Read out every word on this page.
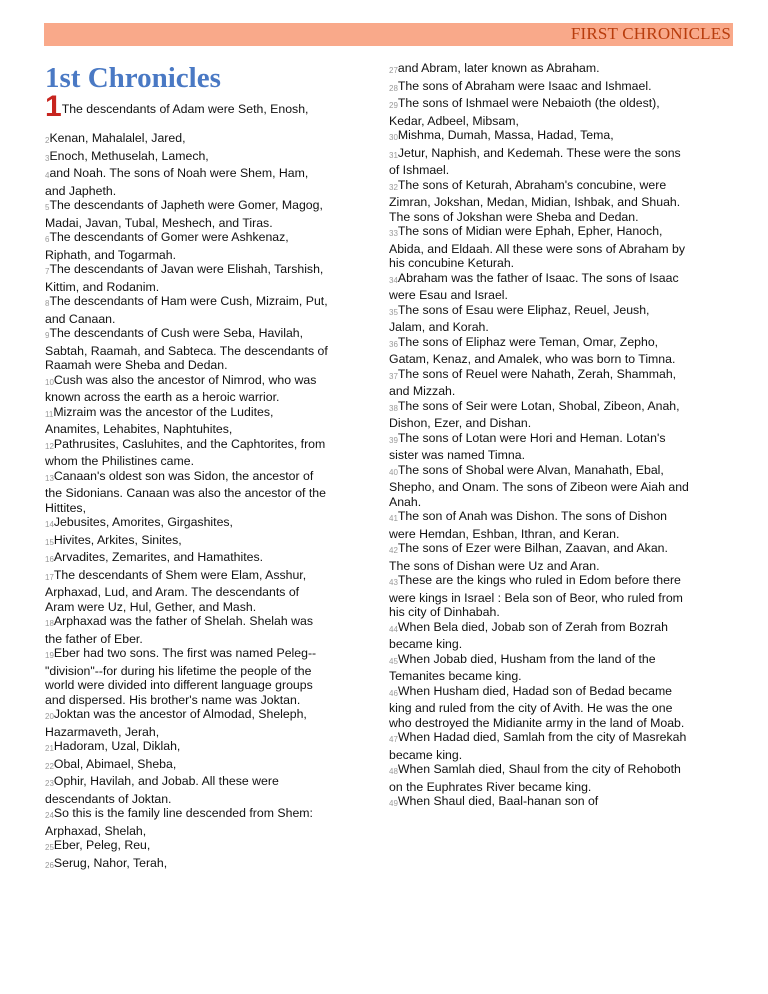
FIRST CHRONICLES
1st Chronicles
1The descendants of Adam were Seth, Enosh,

2Kenan, Mahalalel, Jared,

3Enoch, Methuselah, Lamech,

4and Noah. The sons of Noah were Shem, Ham, and Japheth.

5The descendants of Japheth were Gomer, Magog, Madai, Javan, Tubal, Meshech, and Tiras.

6The descendants of Gomer were Ashkenaz, Riphath, and Togarmah.

7The descendants of Javan were Elishah, Tarshish, Kittim, and Rodanim.

8The descendants of Ham were Cush, Mizraim, Put, and Canaan.

9The descendants of Cush were Seba, Havilah, Sabtah, Raamah, and Sabteca. The descendants of Raamah were Sheba and Dedan.

10Cush was also the ancestor of Nimrod, who was known across the earth as a heroic warrior.

11Mizraim was the ancestor of the Ludites, Anamites, Lehabites, Naphtuhites,

12Pathrusites, Casluhites, and the Caphtorites, from whom the Philistines came.

13Canaan's oldest son was Sidon, the ancestor of the Sidonians. Canaan was also the ancestor of the Hittites,

14Jebusites, Amorites, Girgashites,

15Hivites, Arkites, Sinites,

16Arvadites, Zemarites, and Hamathites.

17The descendants of Shem were Elam, Asshur, Arphaxad, Lud, and Aram. The descendants of Aram were Uz, Hul, Gether, and Mash.

18Arphaxad was the father of Shelah. Shelah was the father of Eber.

19Eber had two sons. The first was named Peleg--"division"--for during his lifetime the people of the world were divided into different language groups and dispersed. His brother's name was Joktan.

20Joktan was the ancestor of Almodad, Sheleph, Hazarmaveth, Jerah,

21Hadoram, Uzal, Diklah,

22Obal, Abimael, Sheba,

23Ophir, Havilah, and Jobab. All these were descendants of Joktan.

24So this is the family line descended from Shem: Arphaxad, Shelah,

25Eber, Peleg, Reu,

26Serug, Nahor, Terah,

27and Abram, later known as Abraham.

28The sons of Abraham were Isaac and Ishmael.

29The sons of Ishmael were Nebaioth (the oldest), Kedar, Adbeel, Mibsam,

30Mishma, Dumah, Massa, Hadad, Tema,

31Jetur, Naphish, and Kedemah. These were the sons of Ishmael.

32The sons of Keturah, Abraham's concubine, were Zimran, Jokshan, Medan, Midian, Ishbak, and Shuah. The sons of Jokshan were Sheba and Dedan.

33The sons of Midian were Ephah, Epher, Hanoch, Abida, and Eldaah. All these were sons of Abraham by his concubine Keturah.

34Abraham was the father of Isaac. The sons of Isaac were Esau and Israel.

35The sons of Esau were Eliphaz, Reuel, Jeush, Jalam, and Korah.

36The sons of Eliphaz were Teman, Omar, Zepho, Gatam, Kenaz, and Amalek, who was born to Timna.

37The sons of Reuel were Nahath, Zerah, Shammah, and Mizzah.

38The sons of Seir were Lotan, Shobal, Zibeon, Anah, Dishon, Ezer, and Dishan.

39The sons of Lotan were Hori and Heman. Lotan's sister was named Timna.

40The sons of Shobal were Alvan, Manahath, Ebal, Shepho, and Onam. The sons of Zibeon were Aiah and Anah.

41The son of Anah was Dishon. The sons of Dishon were Hemdan, Eshban, Ithran, and Keran.

42The sons of Ezer were Bilhan, Zaavan, and Akan. The sons of Dishan were Uz and Aran.

43These are the kings who ruled in Edom before there were kings in Israel : Bela son of Beor, who ruled from his city of Dinhabah.

44When Bela died, Jobab son of Zerah from Bozrah became king.

45When Jobab died, Husham from the land of the Temanites became king.

46When Husham died, Hadad son of Bedad became king and ruled from the city of Avith. He was the one who destroyed the Midianite army in the land of Moab.

47When Hadad died, Samlah from the city of Masrekah became king.

48When Samlah died, Shaul from the city of Rehoboth on the Euphrates River became king.

49When Shaul died, Baal-hanan son of
